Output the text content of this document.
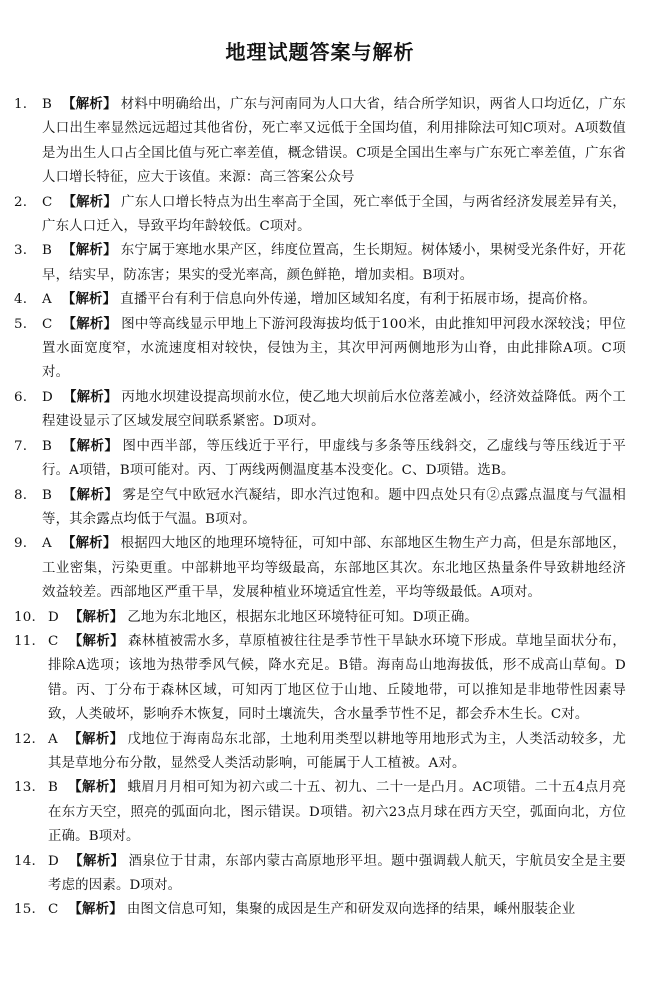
地理试题答案与解析
1. B 【解析】 材料中明确给出，广东与河南同为人口大省，结合所学知识，两省人口均近亿，广东人口出生率显然远远超过其他省份，死亡率又远低于全国均值，利用排除法可知C项对。A项数值是为出生人口占全国比值与死亡率差值，概念错误。C项是全国出生率与广东死亡率差值，广东省人口增长特征，应大于该值。来源：高三答案公众号
2. C 【解析】 广东人口增长特点为出生率高于全国，死亡率低于全国，与两省经济发展差异有关，广东人口迁入，导致平均年龄较低。C项对。
3. B 【解析】 东宁属于寒地水果产区，纬度位置高，生长期短。树体矮小，果树受光条件好，开花早，结实早，防冻害；果实的受光率高，颜色鲜艳，增加卖相。B项对。
4. A 【解析】 直播平台有利于信息向外传递，增加区域知名度，有利于拓展市场，提高价格。
5. C 【解析】 图中等高线显示甲地上下游河段海拔均低于100米，由此推知甲河段水深较浅；甲位置水面宽度窄，水流速度相对较快，侵蚀为主，其次甲河两侧地形为山脊，由此排除A项。C项对。
6. D 【解析】 丙地水坝建设提高坝前水位，使乙地大坝前后水位落差减小，经济效益降低。两个工程建设显示了区域发展空间联系紧密。D项对。
7. B 【解析】 图中西半部，等压线近于平行，甲虚线与多条等压线斜交，乙虚线与等压线近于平行。A项错，B项可能对。丙、丁两线两侧温度基本没变化。C、D项错。选B。
8. B 【解析】 雾是空气中欧冠水汽凝结，即水汽过饱和。题中四点处只有②点露点温度与气温相等，其余露点均低于气温。B项对。
9. A 【解析】 根据四大地区的地理环境特征，可知中部、东部地区生物生产力高，但是东部地区，工业密集，污染更重。中部耕地平均等级最高，东部地区其次。东北地区热量条件导致耕地经济效益较差。西部地区严重干旱，发展种植业环境适宜性差，平均等级最低。A项对。
10. D 【解析】 乙地为东北地区，根据东北地区环境特征可知。D项正确。
11. C 【解析】 森林植被需水多，草原植被往往是季节性干旱缺水环境下形成。草地呈面状分布，排除A选项；该地为热带季风气候，降水充足。B错。海南岛山地海拔低，形不成高山草甸。D错。丙、丁分布于森林区域，可知丙丁地区位于山地、丘陵地带，可以推知是非地带性因素导致，人类破坏，影响乔木恢复，同时土壤流失，含水量季节性不足，都会乔木生长。C对。
12. A 【解析】 戊地位于海南岛东北部，土地利用类型以耕地等用地形式为主，人类活动较多，尤其是草地分布分散，显然受人类活动影响，可能属于人工植被。A对。
13. B 【解析】 蛾眉月月相可知为初六或二十五、初九、二十一是凸月。AC项错。二十五4点月亮在东方天空，照亮的弧面向北，图示错误。D项错。初六23点月球在西方天空，弧面向北，方位正确。B项对。
14. D 【解析】 酒泉位于甘肃，东部内蒙古高原地形平坦。题中强调载人航天，宇航员安全是主要考虑的因素。D项对。
15. C 【解析】 由图文信息可知，集聚的成因是生产和研发双向选择的结果，嵊州服装企业
